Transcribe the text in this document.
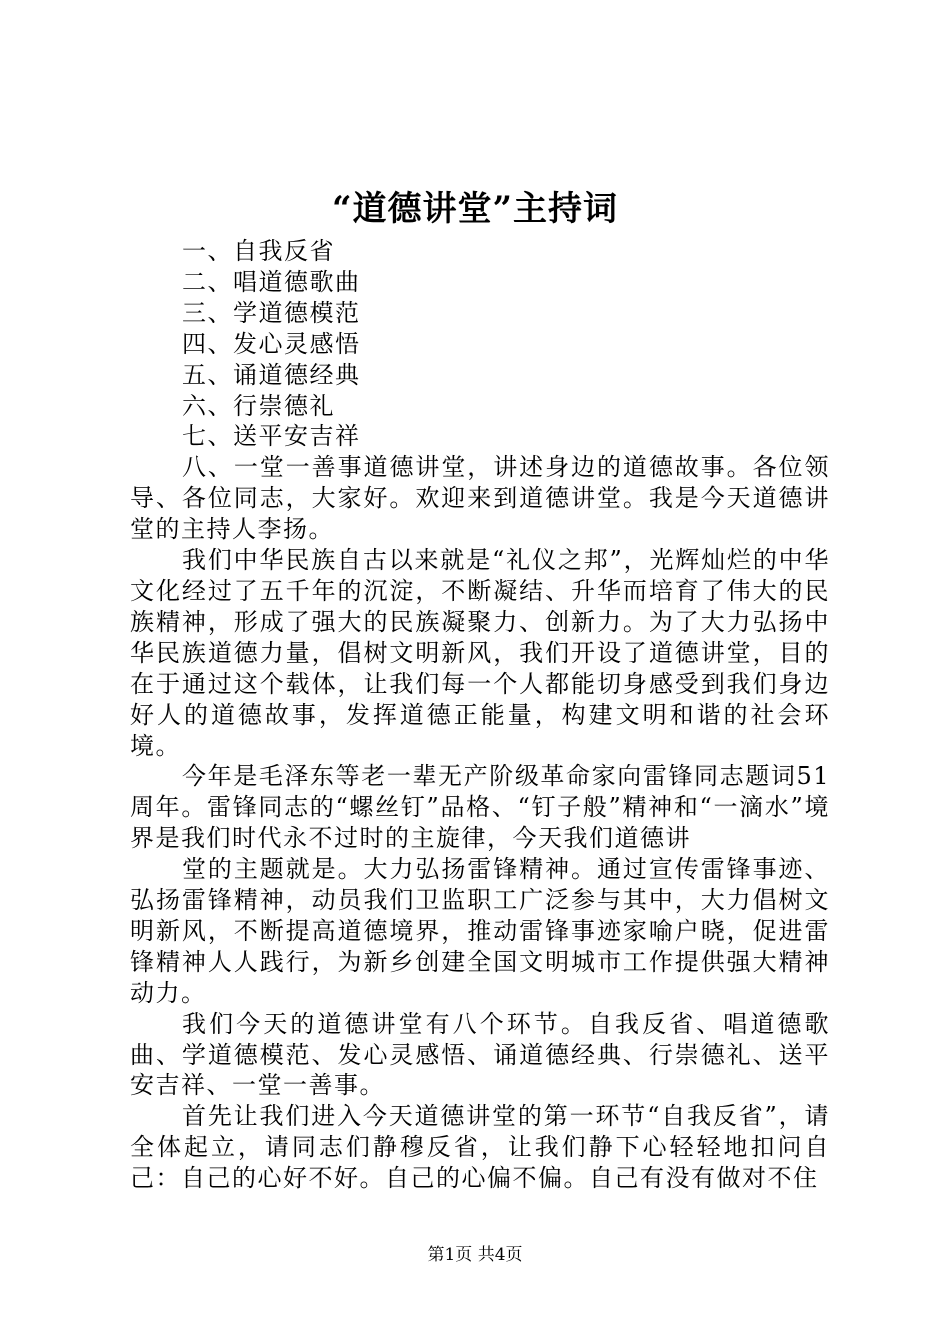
“道德讲堂”主持词

一、自我反省

二、唱道德歌曲

三、学道德模范

四、发心灵感悟

五、诵道德经典

六、行崇德礼

七、送平安吉祥

八、一堂一善事道德讲堂，讲述身边的道德故事。各位领导、各位同志，大家好。欢迎来到道德讲堂。我是今天道德讲堂的主持人李扬。

我们中华民族自古以来就是“礼仪之邦”，光辉灿烂的中华文化经过了五千年的沉淀，不断凝结、升华而培育了伟大的民族精神，形成了强大的民族凝聚力、创新力。为了大力弘扬中华民族道德力量，倡树文明新风，我们开设了道德讲堂，目的在于通过这个载体，让我们每一个人都能切身感受到我们身边好人的道德故事，发挥道德正能量，构建文明和谐的社会环境。

今年是毛泽东等老一辈无产阶级革命家向雷锋同志题词51周年。雷锋同志的“螺丝钉”品格、“钉子般”精神和“一滴水”境界是我们时代永不过时的主旋律，今天我们道德讲

堂的主题就是。大力弘扬雷锋精神。通过宣传雷锋事迹、弘扬雷锋精神，动员我们卫监职工广泛参与其中，大力倡树文明新风，不断提高道德境界，推动雷锋事迹家喻户晓，促进雷锋精神人人践行，为新乡创建全国文明城市工作提供强大精神动力。

我们今天的道德讲堂有八个环节。自我反省、唱道德歌曲、学道德模范、发心灵感悟、诵道德经典、行崇德礼、送平安吉祥、一堂一善事。

首先让我们进入今天道德讲堂的第一环节“自我反省”，请全体起立，请同志们静穆反省，让我们静下心轻轻地扣问自己：自己的心好不好。自己的心偏不偏。自己有没有做对不住

第1页 共4页
